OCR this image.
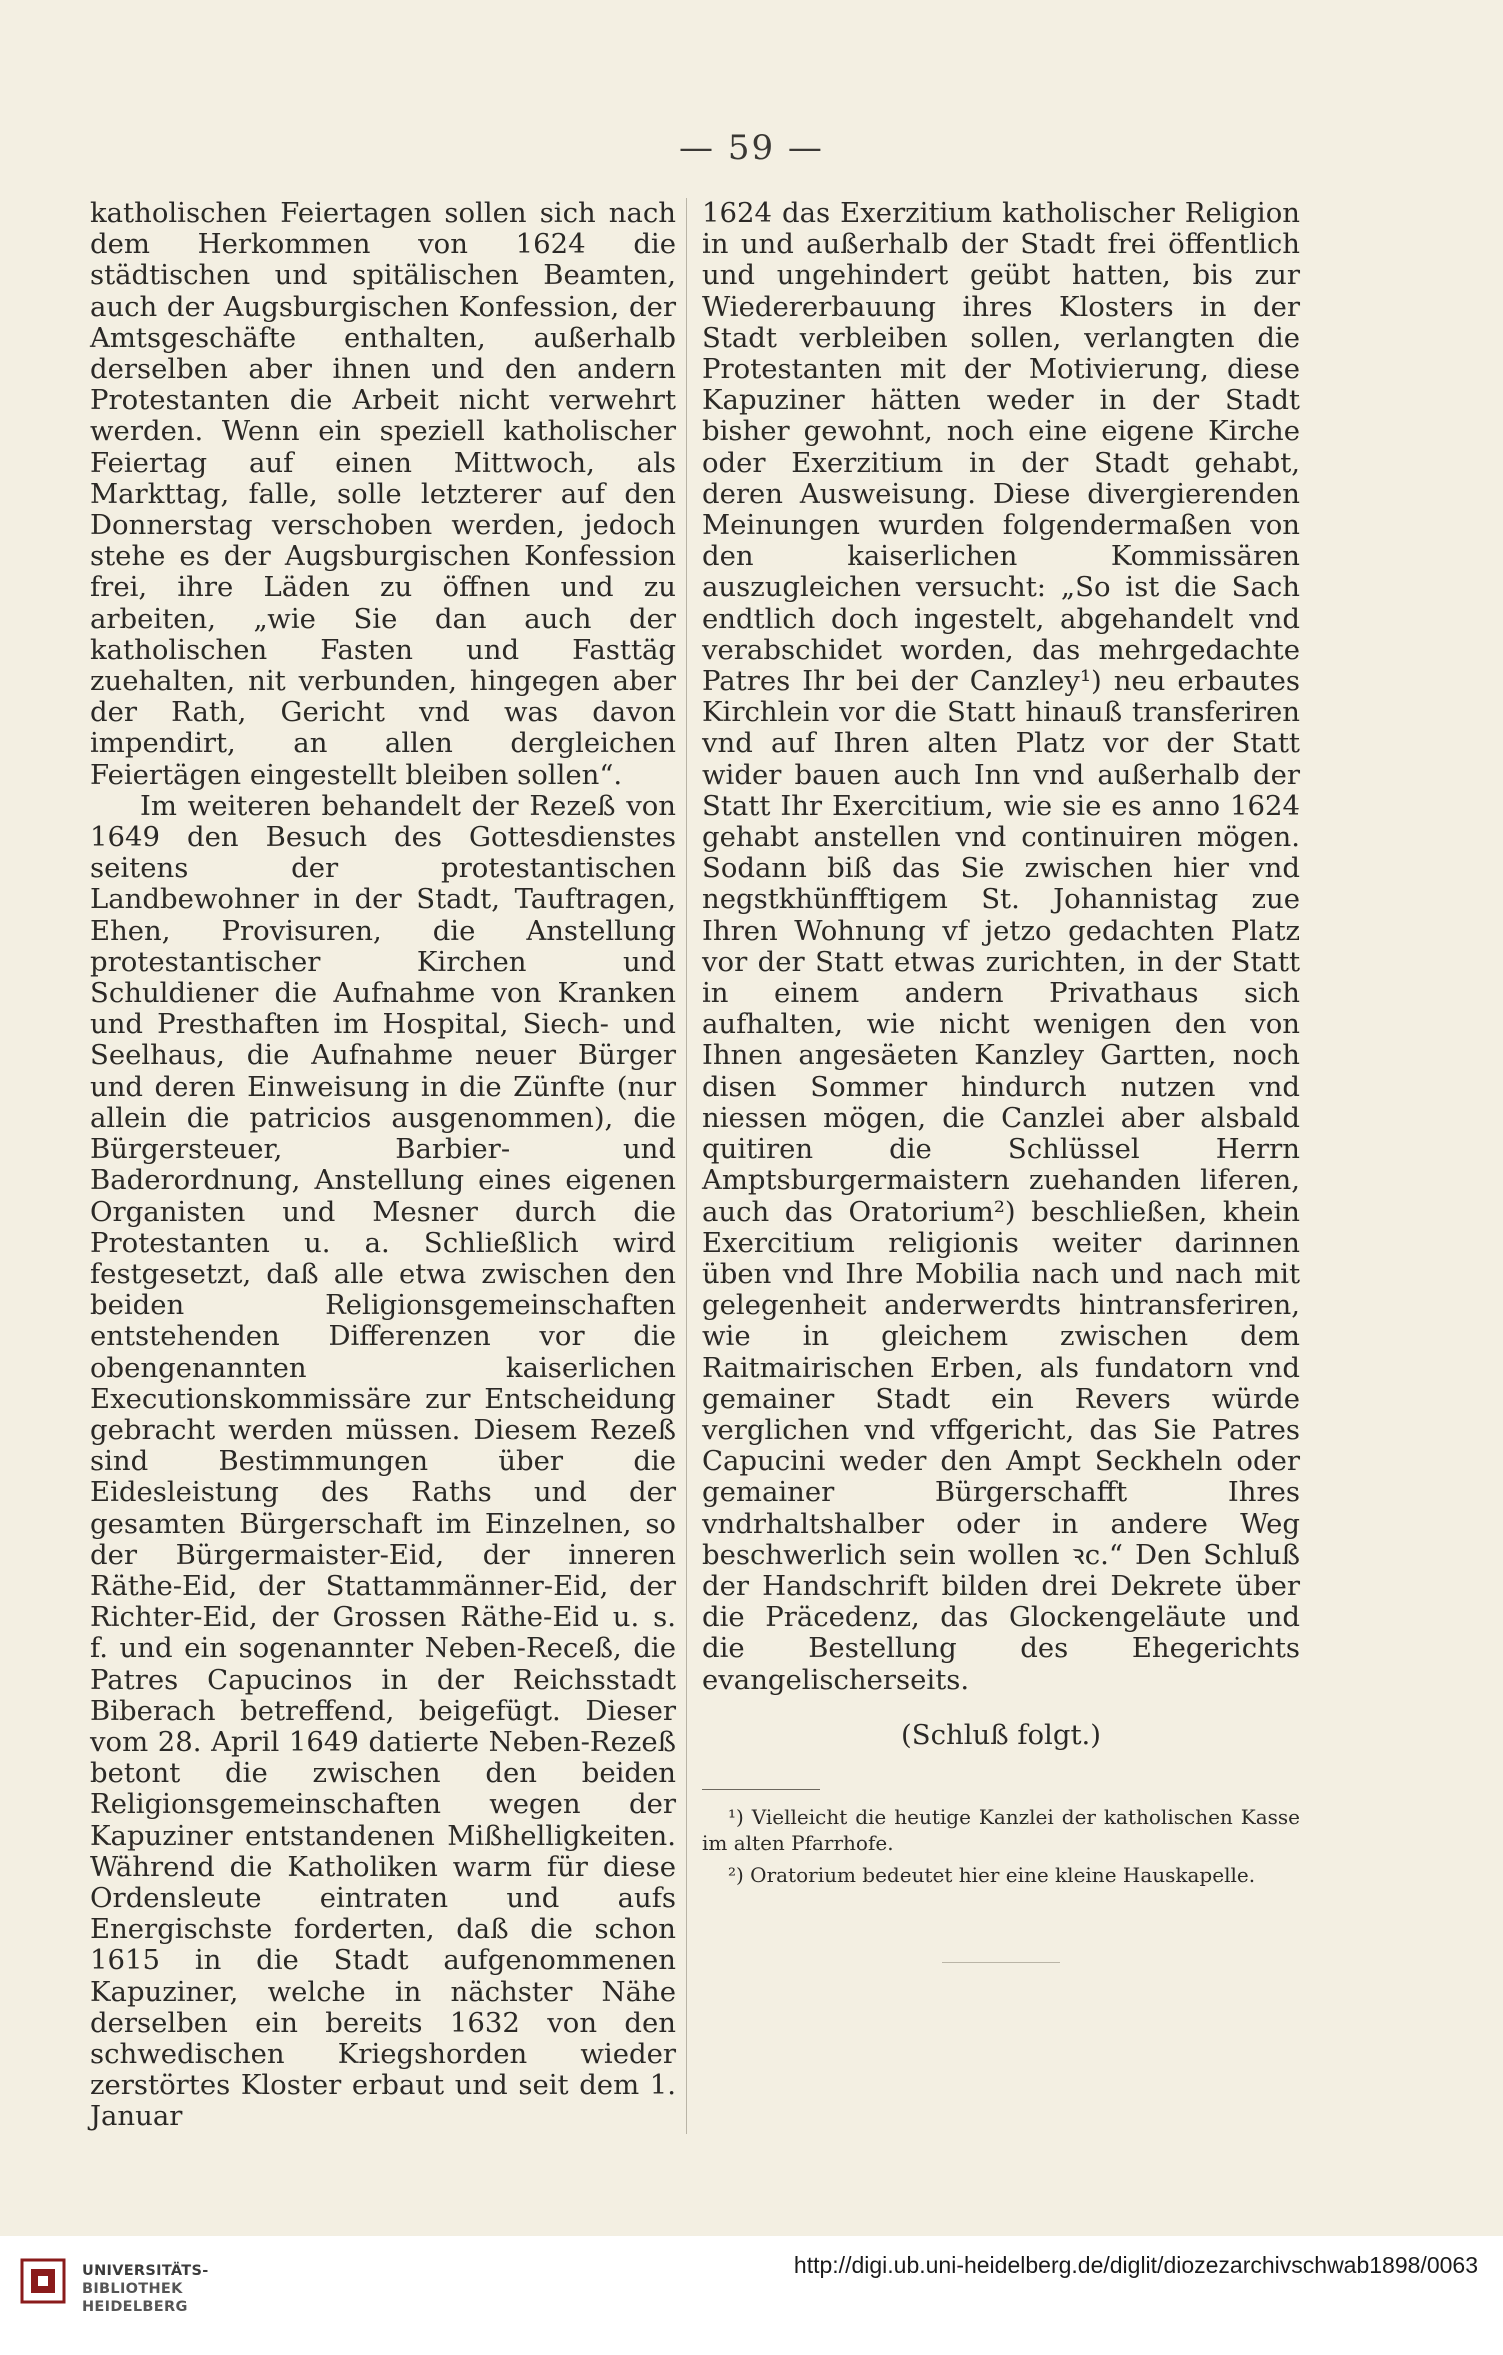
— 59 —

katholischen Feiertagen sollen sich nach dem Herkommen von 1624 die städtischen und spitälischen Beamten, auch der Augsburgischen Konfession, der Amtsgeschäfte enthalten, außerhalb derselben aber ihnen und den andern Protestanten die Arbeit nicht verwehrt werden. Wenn ein speziell katholischer Feiertag auf einen Mittwoch, als Markttag, falle, solle letzterer auf den Donnerstag verschoben werden, jedoch stehe es der Augsburgischen Konfession frei, ihre Läden zu öffnen und zu arbeiten, „wie Sie dan auch der katholischen Fasten und Fasttäg zuehalten, nit verbunden, hingegen aber der Rath, Gericht vnd was davon impendirt, an allen dergleichen Feiertägen eingestellt bleiben sollen“.

Im weiteren behandelt der Rezeß von 1649 den Besuch des Gottesdienstes seitens der protestantischen Landbewohner in der Stadt, Tauftragen, Ehen, Provisuren, die Anstellung protestantischer Kirchen und Schuldiener die Aufnahme von Kranken und Presthaften im Hospital, Siech- und Seelhaus, die Aufnahme neuer Bürger und deren Einweisung in die Zünfte (nur allein die patricios ausgenommen), die Bürgersteuer, Barbier- und Baderordnung, Anstellung eines eigenen Organisten und Mesner durch die Protestanten u. a. Schließlich wird festgesetzt, daß alle etwa zwischen den beiden Religionsgemeinschaften entstehenden Differenzen vor die obengenannten kaiserlichen Executionskommissäre zur Entscheidung gebracht werden müssen. Diesem Rezeß sind Bestimmungen über die Eidesleistung des Raths und der gesamten Bürgerschaft im Einzelnen, so der Bürgermaister-Eid, der inneren Räthe-Eid, der Stattammänner-Eid, der Richter-Eid, der Grossen Räthe-Eid u. s. f. und ein sogenannter Neben-Receß, die Patres Capucinos in der Reichsstadt Biberach betreffend, beigefügt. Dieser vom 28. April 1649 datierte Neben-Rezeß betont die zwischen den beiden Religionsgemeinschaften wegen der Kapuziner entstandenen Mißhelligkeiten. Während die Katholiken warm für diese Ordensleute eintraten und aufs Energischste forderten, daß die schon 1615 in die Stadt aufgenommenen Kapuziner, welche in nächster Nähe derselben ein bereits 1632 von den schwedischen Kriegshorden wieder zerstörtes Kloster erbaut und seit dem 1. Januar

1624 das Exerzitium katholischer Religion in und außerhalb der Stadt frei öffentlich und ungehindert geübt hatten, bis zur Wiedererbauung ihres Klosters in der Stadt verbleiben sollen, verlangten die Protestanten mit der Motivierung, diese Kapuziner hätten weder in der Stadt bisher gewohnt, noch eine eigene Kirche oder Exerzitium in der Stadt gehabt, deren Ausweisung. Diese divergierenden Meinungen wurden folgendermaßen von den kaiserlichen Kommissären auszugleichen versucht: „So ist die Sach endtlich doch ingestelt, abgehandelt vnd verabschidet worden, das mehrgedachte Patres Ihr bei der Canzley¹) neu erbautes Kirchlein vor die Statt hinauß transferiren vnd auf Ihren alten Platz vor der Statt wider bauen auch Inn vnd außerhalb der Statt Ihr Exercitium, wie sie es anno 1624 gehabt anstellen vnd continuiren mögen. Sodann biß das Sie zwischen hier vnd negstkhünfftigem St. Johannistag zue Ihren Wohnung vf jetzo gedachten Platz vor der Statt etwas zurichten, in der Statt in einem andern Privathaus sich aufhalten, wie nicht wenigen den von Ihnen angesäeten Kanzley Gartten, noch disen Sommer hindurch nutzen vnd niessen mögen, die Canzlei aber alsbald quitiren die Schlüssel Herrn Amptsburgermaistern zuehanden liferen, auch das Oratorium²) beschließen, khein Exercitium religionis weiter darinnen üben vnd Ihre Mobilia nach und nach mit gelegenheit anderwerdts hintransferiren, wie in gleichem zwischen dem Raitmairischen Erben, als fundatorn vnd gemainer Stadt ein Revers würde verglichen vnd vffgericht, das Sie Patres Capucini weder den Ampt Seckheln oder gemainer Bürgerschafft Ihres vndrhaltshalber oder in andere Weg beschwerlich sein wollen ꝛc.“ Den Schluß der Handschrift bilden drei Dekrete über die Präcedenz, das Glockengeläute und die Bestellung des Ehegerichts evangelischerseits.

(Schluß folgt.)

¹) Vielleicht die heutige Kanzlei der katholischen Kasse im alten Pfarrhofe.

²) Oratorium bedeutet hier eine kleine Hauskapelle.

UNIVERSITÄTS-
BIBLIOTHEK
HEIDELBERG
http://digi.ub.uni-heidelberg.de/diglit/diozezarchivschwab1898/0063
